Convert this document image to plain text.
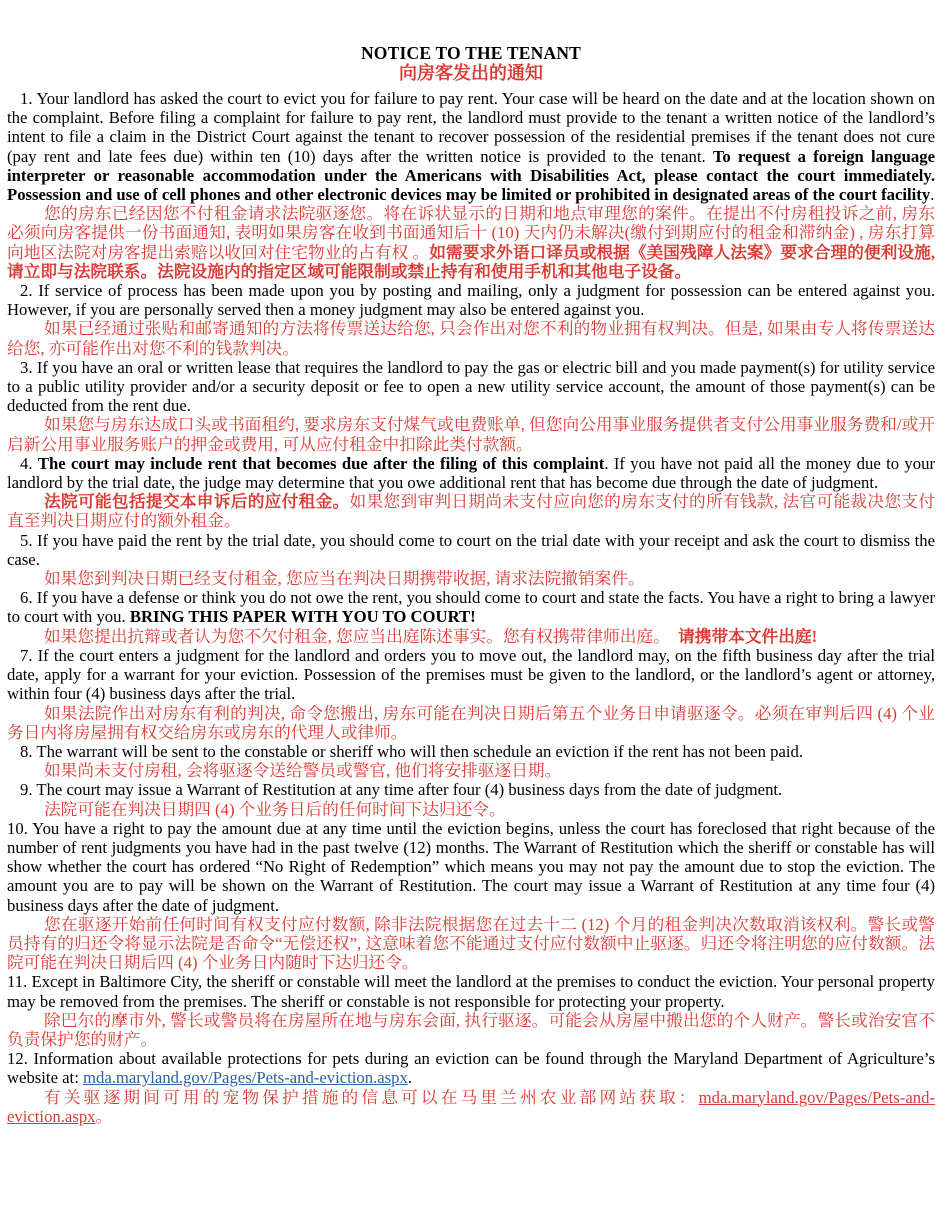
NOTICE TO THE TENANT
向房客发出的通知

1. Your landlord has asked the court to evict you for failure to pay rent. Your case will be heard on the date and at the location shown on the complaint. Before filing a complaint for failure to pay rent, the landlord must provide to the tenant a written notice of the landlord’s intent to file a claim in the District Court against the tenant to recover possession of the residential premises if the tenant does not cure (pay rent and late fees due) within ten (10) days after the written notice is provided to the tenant. To request a foreign language interpreter or reasonable accommodation under the Americans with Disabilities Act, please contact the court immediately. Possession and use of cell phones and other electronic devices may be limited or prohibited in designated areas of the court facility.

您的房东已经因您不付租金请求法院驱逐您。将在诉状显示的日期和地点审理您的案件。在提出不付房租投诉之前, 房东必须向房客提供一份书面通知, 表明如果房客在收到书面通知后十 (10) 天内仍未解决(缴付到期应付的租金和滞纳金) , 房东打算向地区法院对房客提出索赔以收回对住宅物业的占有权 。如需要求外语口译员或根据《美国残障人法案》要求合理的便利设施, 请立即与法院联系。法院设施内的指定区域可能限制或禁止持有和使用手机和其他电子设备。

2. If service of process has been made upon you by posting and mailing, only a judgment for possession can be entered against you. However, if you are personally served then a money judgment may also be entered against you.

如果已经通过张贴和邮寄通知的方法将传票送达给您, 只会作出对您不利的物业拥有权判决。但是, 如果由专人将传票送达给您, 亦可能作出对您不利的钱款判决。

3. If you have an oral or written lease that requires the landlord to pay the gas or electric bill and you made payment(s) for utility service to a public utility provider and/or a security deposit or fee to open a new utility service account, the amount of those payment(s) can be deducted from the rent due.

如果您与房东达成口头或书面租约, 要求房东支付煤气或电费账单, 但您向公用事业服务提供者支付公用事业服务费和/或开启新公用事业服务账户的押金或费用, 可从应付租金中扣除此类付款额。

4. The court may include rent that becomes due after the filing of this complaint. If you have not paid all the money due to your landlord by the trial date, the judge may determine that you owe additional rent that has become due through the date of judgment.

法院可能包括提交本申诉后的应付租金。如果您到审判日期尚未支付应向您的房东支付的所有钱款, 法官可能裁决您支付直至判决日期应付的额外租金。

5. If you have paid the rent by the trial date, you should come to court on the trial date with your receipt and ask the court to dismiss the case.

如果您到判决日期已经支付租金, 您应当在判决日期携带收据, 请求法院撤销案件。

6. If you have a defense or think you do not owe the rent, you should come to court and state the facts. You have a right to bring a lawyer to court with you. BRING THIS PAPER WITH YOU TO COURT!

如果您提出抗辩或者认为您不欠付租金, 您应当出庭陈述事实。您有权携带律师出庭。　请携带本文件出庭!

7. If the court enters a judgment for the landlord and orders you to move out, the landlord may, on the fifth business day after the trial date, apply for a warrant for your eviction. Possession of the premises must be given to the landlord, or the landlord’s agent or attorney, within four (4) business days after the trial.

如果法院作出对房东有利的判决, 命令您搬出, 房东可能在判决日期后第五个业务日申请驱逐令。必须在审判后四 (4) 个业务日内将房屋拥有权交给房东或房东的代理人或律师。

8. The warrant will be sent to the constable or sheriff who will then schedule an eviction if the rent has not been paid.

如果尚未支付房租, 会将驱逐令送给警员或警官, 他们将安排驱逐日期。

9. The court may issue a Warrant of Restitution at any time after four (4) business days from the date of judgment.

法院可能在判决日期四 (4) 个业务日后的任何时间下达归还令。

10. You have a right to pay the amount due at any time until the eviction begins, unless the court has foreclosed that right because of the number of rent judgments you have had in the past twelve (12) months. The Warrant of Restitution which the sheriff or constable has will show whether the court has ordered “No Right of Redemption” which means you may not pay the amount due to stop the eviction. The amount you are to pay will be shown on the Warrant of Restitution. The court may issue a Warrant of Restitution at any time four (4) business days after the date of judgment.

您在驱逐开始前任何时间有权支付应付数额, 除非法院根据您在过去十二 (12) 个月的租金判决次数取消该权利。警长或警员持有的归还令将显示法院是否命令“无偿还权”, 这意味着您不能通过支付应付数额中止驱逐。归还令将注明您的应付数额。法院可能在判决日期后四 (4) 个业务日内随时下达归还令。

11. Except in Baltimore City, the sheriff or constable will meet the landlord at the premises to conduct the eviction. Your personal property may be removed from the premises. The sheriff or constable is not responsible for protecting your property.

除巴尔的摩市外, 警长或警员将在房屋所在地与房东会面, 执行驱逐。可能会从房屋中搬出您的个人财产。警长或治安官不负责保护您的财产。

12. Information about available protections for pets during an eviction can be found through the Maryland Department of Agriculture’s website at: mda.maryland.gov/Pages/Pets-and-eviction.aspx.

有关驱逐期间可用的宠物保护措施的信息可以在马里兰州农业部网站获取：mda.maryland.gov/Pages/Pets-and-eviction.aspx。
